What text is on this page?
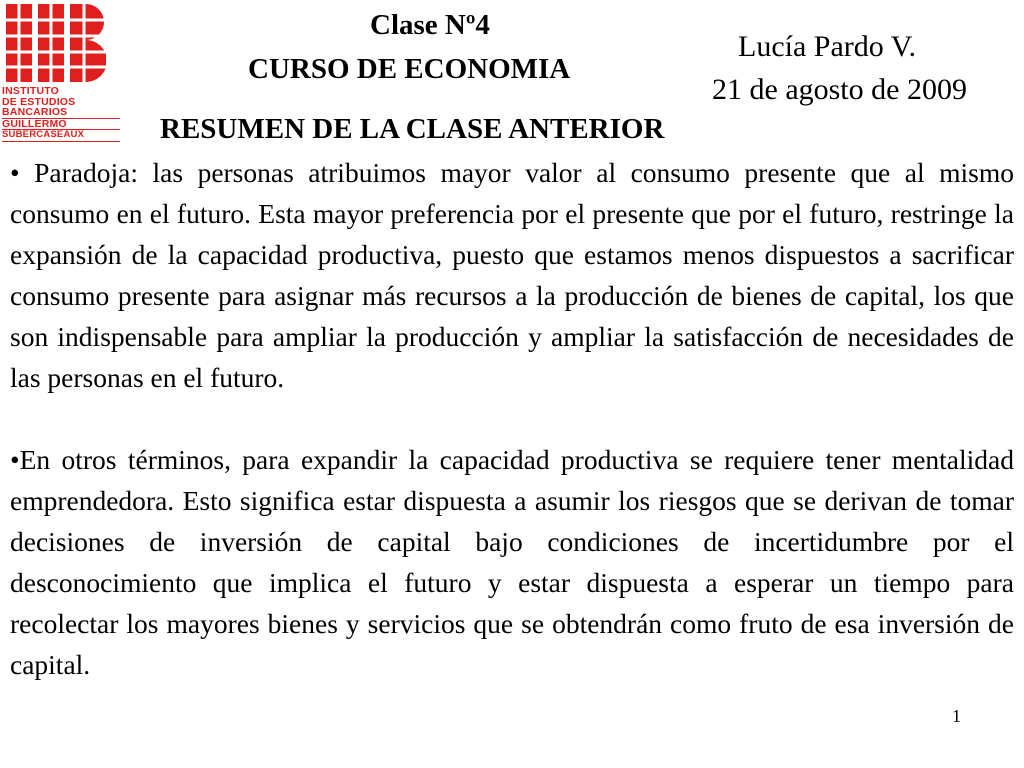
INSTITUTO
DE ESTUDIOS
BANCARIOS
GUILLERMO
SUBERCASEAUX
Clase Nº4
CURSO DE ECONOMIA
Lucía Pardo V.
21 de agosto de 2009
RESUMEN DE LA CLASE ANTERIOR

• Paradoja: las personas atribuimos mayor valor al consumo presente que al mismo consumo en el futuro. Esta mayor preferencia por el presente que por el futuro, restringe la expansión de la capacidad productiva, puesto que estamos menos dispuestos a sacrificar consumo presente para asignar más recursos a la producción de bienes de capital, los que son indispensable para ampliar la producción y ampliar la satisfacción de necesidades de las personas en el futuro.

•En otros términos, para expandir la capacidad productiva se requiere tener mentalidad emprendedora. Esto significa estar dispuesta a asumir los riesgos que se derivan de tomar decisiones de inversión de capital bajo condiciones de incertidumbre por el desconocimiento que implica el futuro y estar dispuesta a esperar un tiempo para recolectar los mayores bienes y servicios que se obtendrán como fruto de esa inversión de capital.

1
